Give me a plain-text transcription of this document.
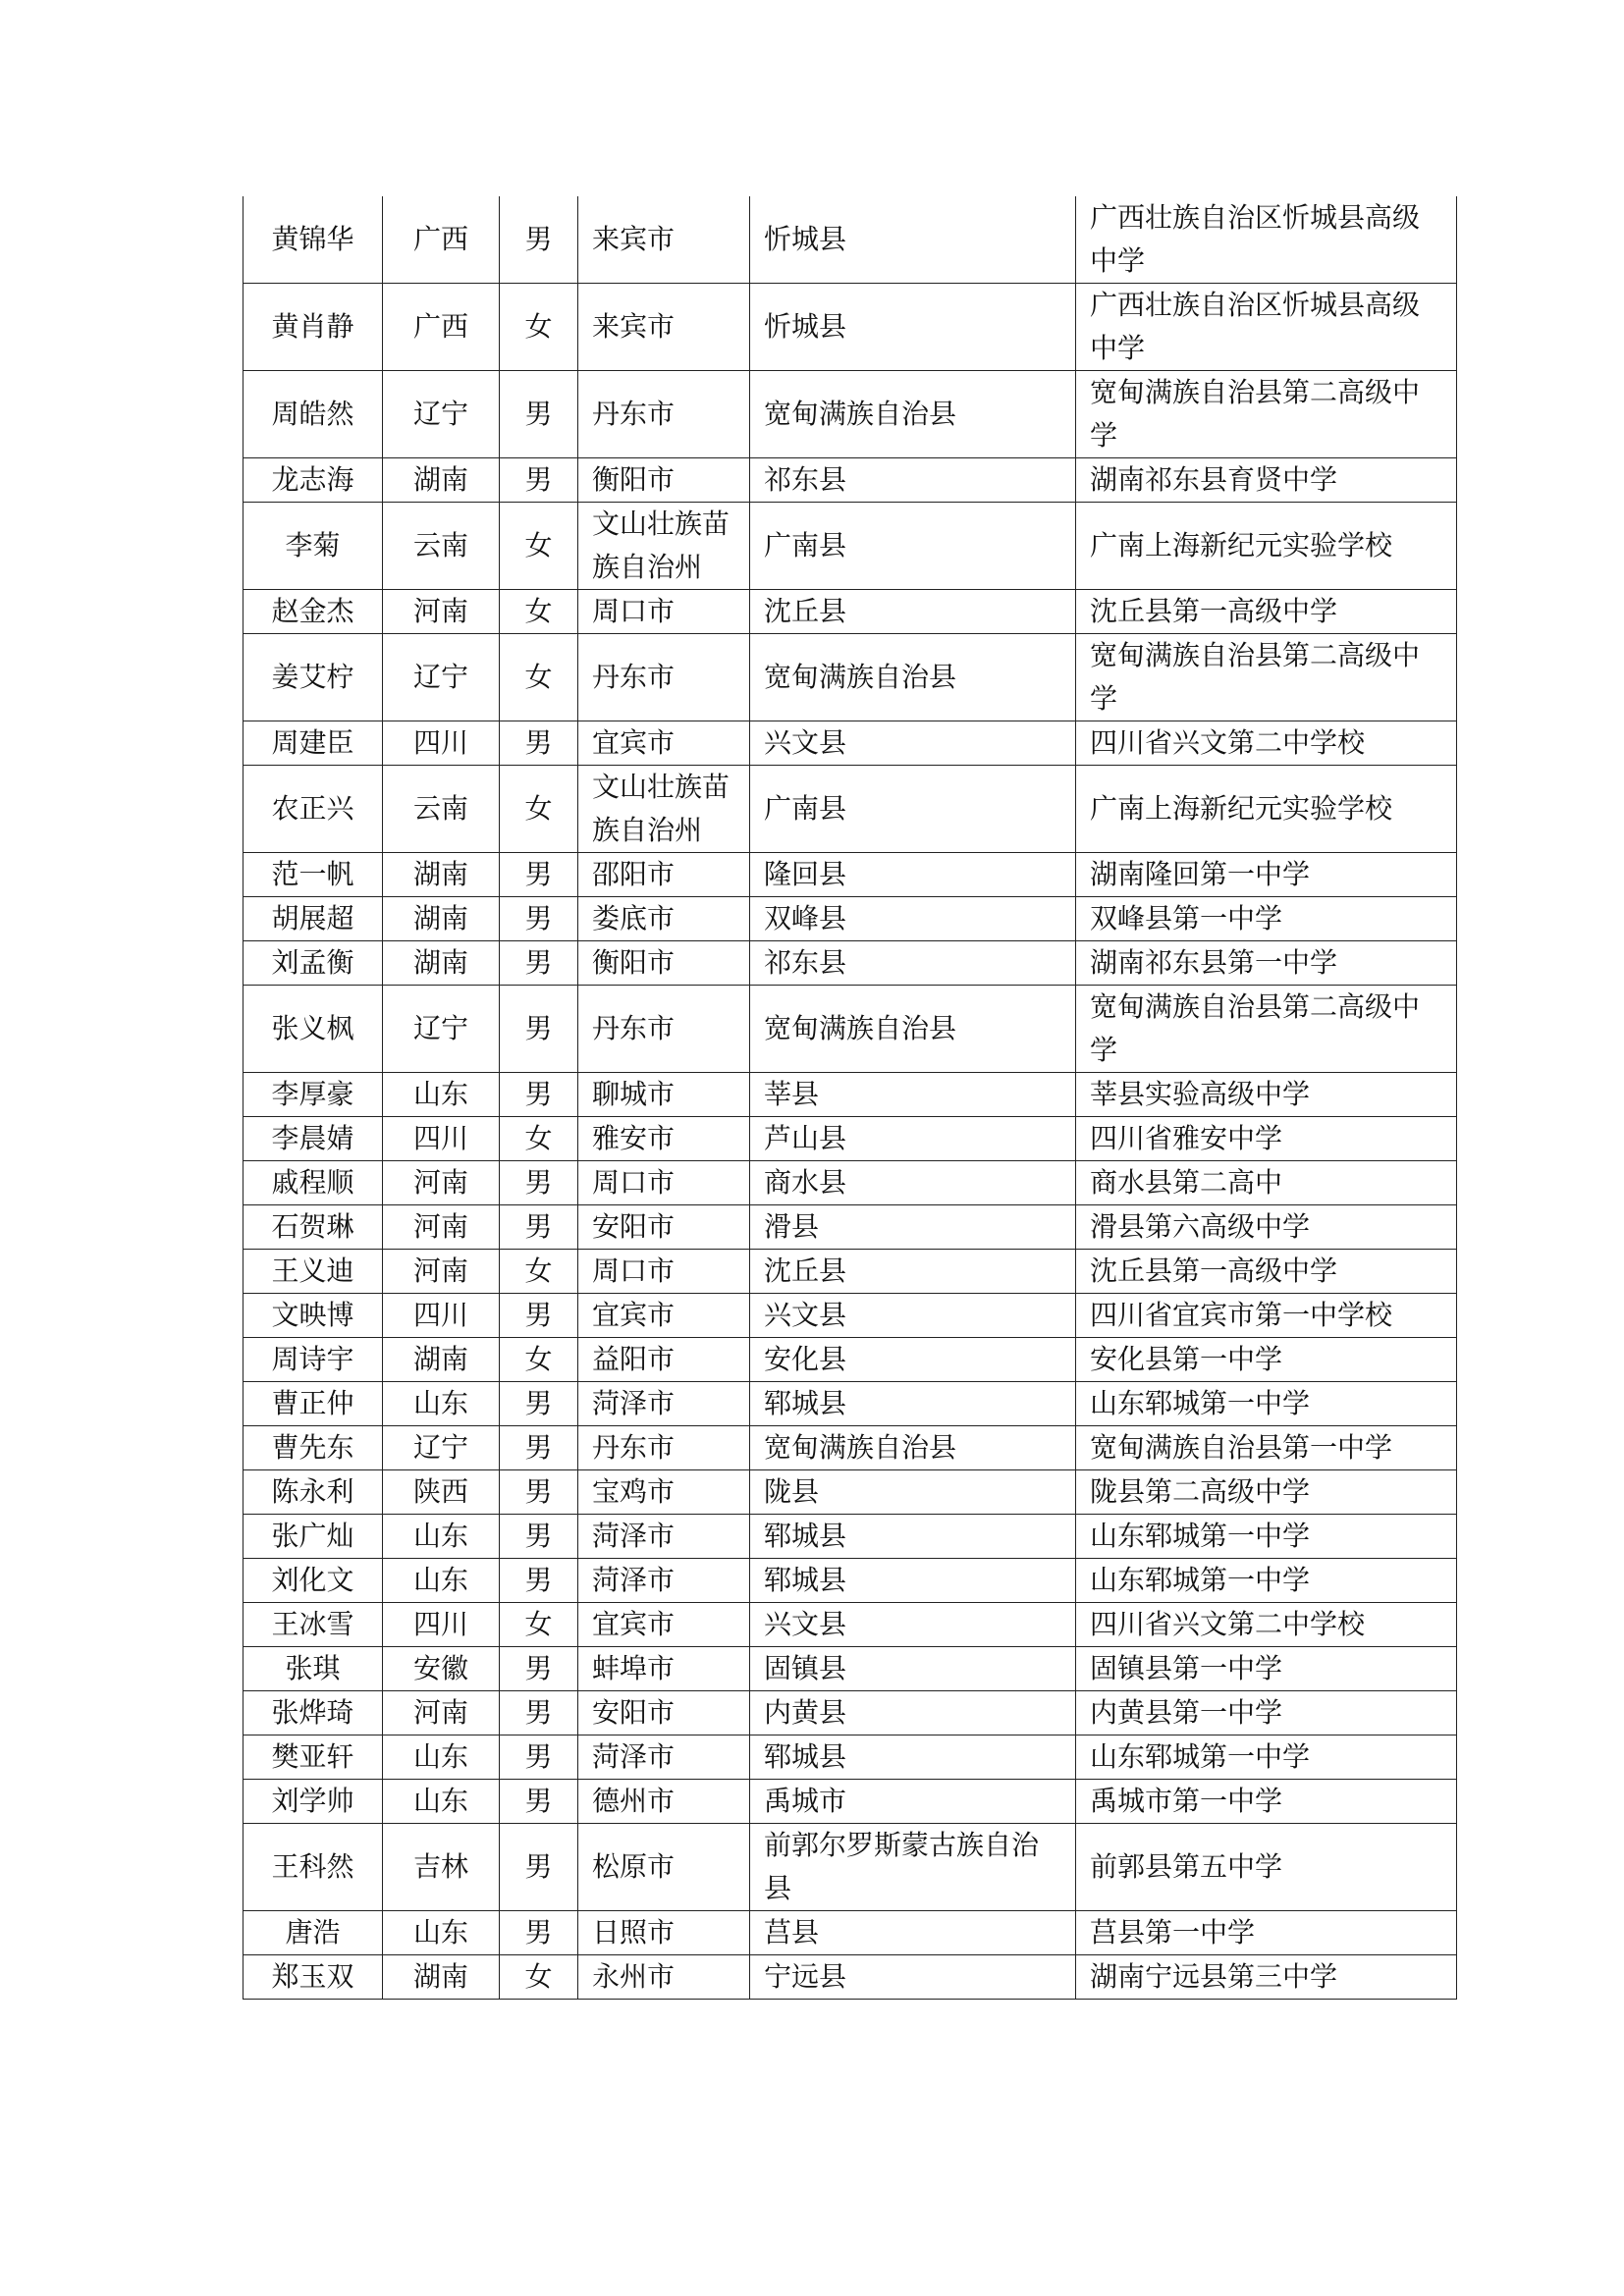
黄锦华	广西	男	来宾市	忻城县	广西壮族自治区忻城县高级中学
黄肖静	广西	女	来宾市	忻城县	广西壮族自治区忻城县高级中学
周皓然	辽宁	男	丹东市	宽甸满族自治县	宽甸满族自治县第二高级中学
龙志海	湖南	男	衡阳市	祁东县	湖南祁东县育贤中学
李菊	云南	女	文山壮族苗族自治州	广南县	广南上海新纪元实验学校
赵金杰	河南	女	周口市	沈丘县	沈丘县第一高级中学
姜艾柠	辽宁	女	丹东市	宽甸满族自治县	宽甸满族自治县第二高级中学
周建臣	四川	男	宜宾市	兴文县	四川省兴文第二中学校
农正兴	云南	女	文山壮族苗族自治州	广南县	广南上海新纪元实验学校
范一帆	湖南	男	邵阳市	隆回县	湖南隆回第一中学
胡展超	湖南	男	娄底市	双峰县	双峰县第一中学
刘孟衡	湖南	男	衡阳市	祁东县	湖南祁东县第一中学
张义枫	辽宁	男	丹东市	宽甸满族自治县	宽甸满族自治县第二高级中学
李厚豪	山东	男	聊城市	莘县	莘县实验高级中学
李晨婧	四川	女	雅安市	芦山县	四川省雅安中学
戚程顺	河南	男	周口市	商水县	商水县第二高中
石贺琳	河南	男	安阳市	滑县	滑县第六高级中学
王义迪	河南	女	周口市	沈丘县	沈丘县第一高级中学
文映博	四川	男	宜宾市	兴文县	四川省宜宾市第一中学校
周诗宇	湖南	女	益阳市	安化县	安化县第一中学
曹正仲	山东	男	菏泽市	郓城县	山东郓城第一中学
曹先东	辽宁	男	丹东市	宽甸满族自治县	宽甸满族自治县第一中学
陈永利	陕西	男	宝鸡市	陇县	陇县第二高级中学
张广灿	山东	男	菏泽市	郓城县	山东郓城第一中学
刘化文	山东	男	菏泽市	郓城县	山东郓城第一中学
王冰雪	四川	女	宜宾市	兴文县	四川省兴文第二中学校
张琪	安徽	男	蚌埠市	固镇县	固镇县第一中学
张烨琦	河南	男	安阳市	内黄县	内黄县第一中学
樊亚轩	山东	男	菏泽市	郓城县	山东郓城第一中学
刘学帅	山东	男	德州市	禹城市	禹城市第一中学
王科然	吉林	男	松原市	前郭尔罗斯蒙古族自治县	前郭县第五中学
唐浩	山东	男	日照市	莒县	莒县第一中学
郑玉双	湖南	女	永州市	宁远县	湖南宁远县第三中学
